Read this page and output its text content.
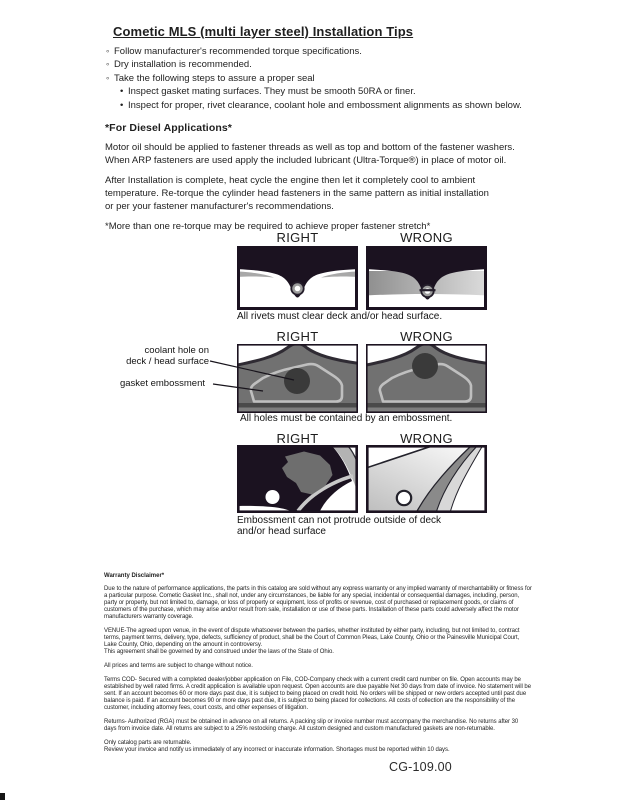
Cometic MLS (multi layer steel) Installation Tips
◦ Follow manufacturer's recommended torque specifications.
◦ Dry installation is recommended.
◦ Take the following steps to assure a proper seal
• Inspect gasket mating surfaces. They must be smooth 50RA or finer.
• Inspect for proper, rivet clearance, coolant hole and embossment alignments as shown below.
*For Diesel Applications*

Motor oil should be applied to fastener threads as well as top and bottom of the fastener washers.
When ARP fasteners are used apply the included lubricant (Ultra-Torque®) in place of motor oil.

After Installation is complete, heat cycle the engine then let it completely cool to ambient
temperature. Re-torque the cylinder head fasteners in the same pattern as initial installation
or per your fastener manufacturer's recommendations.

*More than one re-torque may be required to achieve proper fastener stretch*

RIGHT	WRONG
All rivets must clear deck and/or head surface.
RIGHT	WRONG
coolant hole on
deck / head surface
gasket embossment
All holes must be contained by an embossment.
RIGHT	WRONG
Embossment can not protrude outside of deck
and/or head surface
Warranty Disclaimer*

Due to the nature of performance applications, the parts in this catalog are sold without any express warranty or any implied warranty of merchantability or fitness for a particular purpose. Cometic Gasket Inc., shall not, under any circumstances, be liable for any special, incidental or consequential damages, including, person, party or property, but not limited to, damage, or loss of property or equipment, loss of profits or revenue, cost of purchased or replacement goods, or claims of customers of the purchase, which may arise and/or result from sale, installation or use of these parts. Installation of these parts could adversely affect the motor manufacturers warranty coverage.

VENUE-The agreed upon venue, in the event of dispute whatsoever between the parties, whether instituted by either party, including, but not limited to, contract terms, payment terms, delivery, type, defects, sufficiency of product, shall be the Court of Common Pleas, Lake County, Ohio or the Painesville Municipal Court, Lake County, Ohio, depending on the amount in controversy.

This agreement shall be governed by and construed under the laws of the State of Ohio.

All prices and terms are subject to change without notice.

Terms COD- Secured with a completed dealer/jobber application on File, COD-Company check with a current credit card number on file. Open accounts may be established by well rated firms. A credit application is available upon request. Open accounts are due payable Net 30 days from date of invoice. No statement will be sent. If an account becomes 60 or more days past due, it is subject to being placed on credit hold. No orders will be shipped or new orders accepted until past due balance is paid. If an account becomes 90 or more days past due, it is subject to being placed for collections. All costs of collection are the responsibility of the customer, including attorney fees, court costs, and other expenses of litigation.

Returns- Authorized (RGA) must be obtained in advance on all returns. A packing slip or invoice number must accompany the merchandise. No returns after 30 days from invoice date. All returns are subject to a 25% restocking charge. All custom designed and custom manufactured gaskets are non-returnable.

Only catalog parts are returnable.

Review your invoice and notify us immediately of any incorrect or inaccurate information. Shortages must be reported within 10 days.

CG-109.00
